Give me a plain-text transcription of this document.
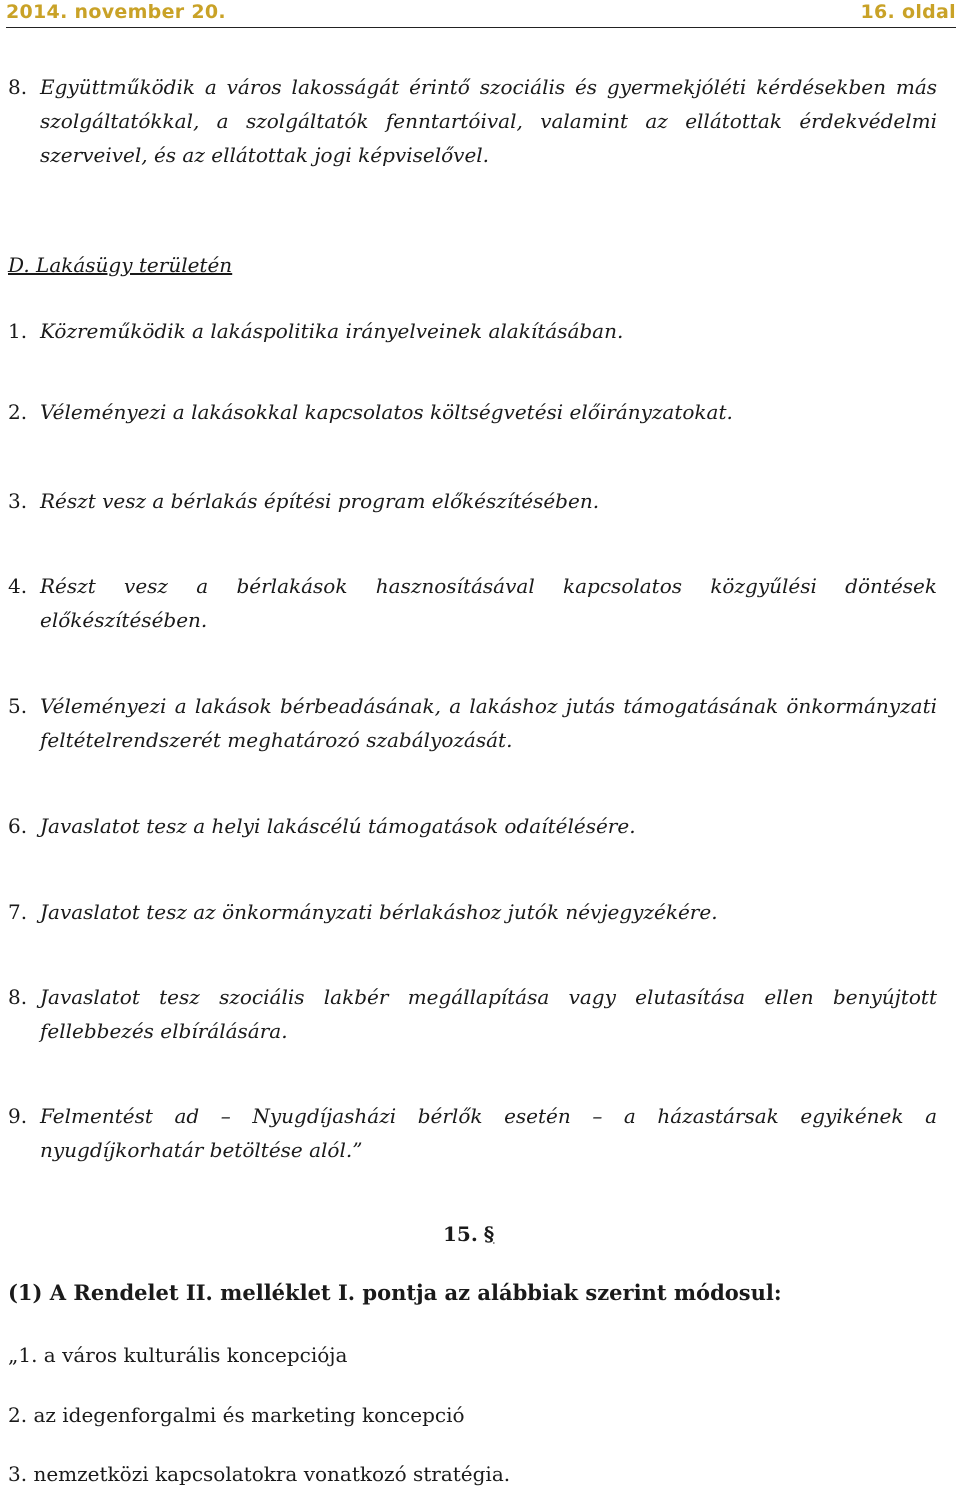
2014. november 20.	16. oldal
8. Együttműködik a város lakosságát érintő szociális és gyermekjóléti kérdésekben más szolgáltatókkal, a szolgáltatók fenntartóival, valamint az ellátottak érdekvédelmi szerveivel, és az ellátottak jogi képviselővel.
D. Lakásügy területén
1. Közreműködik a lakáspolitika irányelveinek alakításában.
2. Véleményezi a lakásokkal kapcsolatos költségvetési előirányzatokat.
3. Részt vesz a bérlakás építési program előkészítésében.
4. Részt vesz a bérlakások hasznosításával kapcsolatos közgyűlési döntések előkészítésében.
5. Véleményezi a lakások bérbeadásának, a lakáshoz jutás támogatásának önkormányzati feltételrendszerét meghatározó szabályozását.
6. Javaslatot tesz a helyi lakáscélú támogatások odaítélésére.
7. Javaslatot tesz az önkormányzati bérlakáshoz jutók névjegyzékére.
8. Javaslatot tesz szociális lakbér megállapítása vagy elutasítása ellen benyújtott fellebbezés elbírálására.
9. Felmentést ad – Nyugdíjasházi bérlők esetén – a házastársak egyikének a nyugdíjkorhatár betöltése alól.”
15. §
(1) A Rendelet II. melléklet I. pontja az alábbiak szerint módosul:
„1. a város kulturális koncepciója
2. az idegenforgalmi és marketing koncepció
3. nemzetközi kapcsolatokra vonatkozó stratégia.
